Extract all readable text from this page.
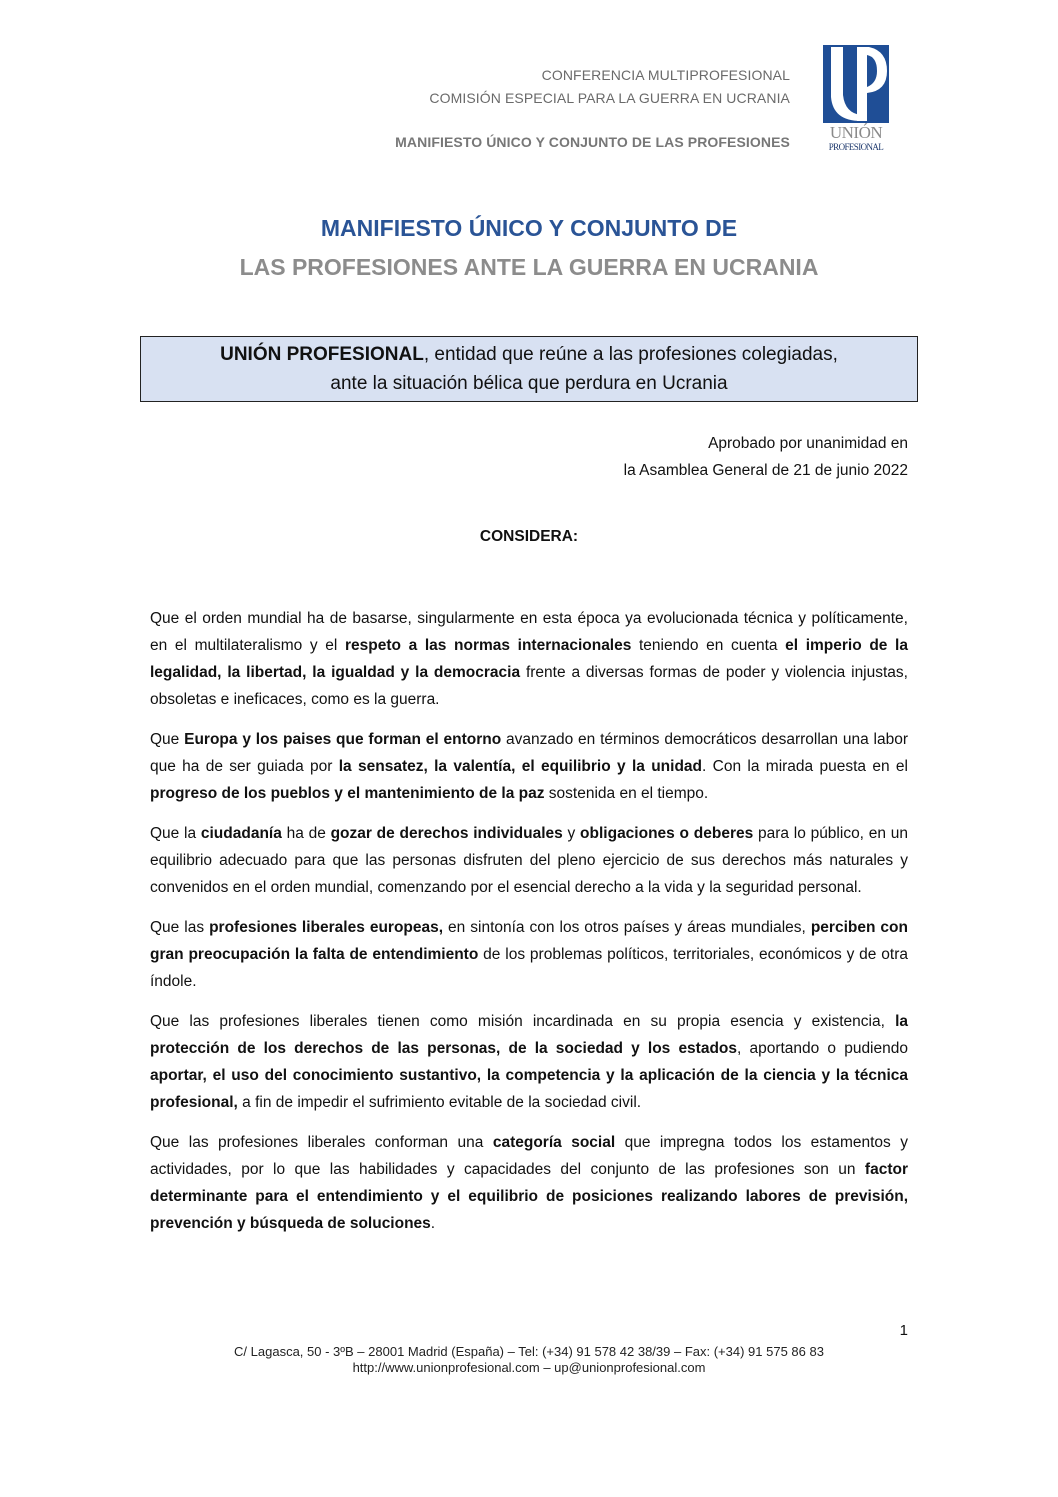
CONFERENCIA MULTIPROFESIONAL
COMISIÓN ESPECIAL PARA LA GUERRA EN UCRANIA
MANIFIESTO ÚNICO Y CONJUNTO DE LAS PROFESIONES	UNIÓN
PROFESIONAL
MANIFIESTO ÚNICO Y CONJUNTO DE
LAS PROFESIONES ANTE LA GUERRA EN UCRANIA
UNIÓN PROFESIONAL, entidad que reúne a las profesiones colegiadas,
ante la situación bélica que perdura en Ucrania
Aprobado por unanimidad en
la Asamblea General de 21 de junio 2022
CONSIDERA:

Que el orden mundial ha de basarse, singularmente en esta época ya evolucionada técnica y políticamente, en el multilateralismo y el respeto a las normas internacionales teniendo en cuenta el imperio de la legalidad, la libertad, la igualdad y la democracia frente a diversas formas de poder y violencia injustas, obsoletas e ineficaces, como es la guerra.

Que Europa y los paises que forman el entorno avanzado en términos democráticos desarrollan una labor que ha de ser guiada por la sensatez, la valentía, el equilibrio y la unidad. Con la mirada puesta en el progreso de los pueblos y el mantenimiento de la paz sostenida en el tiempo.

Que la ciudadanía ha de gozar de derechos individuales y obligaciones o deberes para lo público, en un equilibrio adecuado para que las personas disfruten del pleno ejercicio de sus derechos más naturales y convenidos en el orden mundial, comenzando por el esencial derecho a la vida y la seguridad personal.

Que las profesiones liberales europeas, en sintonía con los otros países y áreas mundiales, perciben con gran preocupación la falta de entendimiento de los problemas políticos, territoriales, económicos y de otra índole.

Que las profesiones liberales tienen como misión incardinada en su propia esencia y existencia, la protección de los derechos de las personas, de la sociedad y los estados, aportando o pudiendo aportar, el uso del conocimiento sustantivo, la competencia y la aplicación de la ciencia y la técnica profesional, a fin de impedir el sufrimiento evitable de la sociedad civil.

Que las profesiones liberales conforman una categoría social que impregna todos los estamentos y actividades, por lo que las habilidades y capacidades del conjunto de las profesiones son un factor determinante para el entendimiento y el equilibrio de posiciones realizando labores de previsión, prevención y búsqueda de soluciones.

1
C/ Lagasca, 50 - 3ºB – 28001 Madrid (España) – Tel: (+34) 91 578 42 38/39 – Fax: (+34) 91 575 86 83
http://www.unionprofesional.com – up@unionprofesional.com
